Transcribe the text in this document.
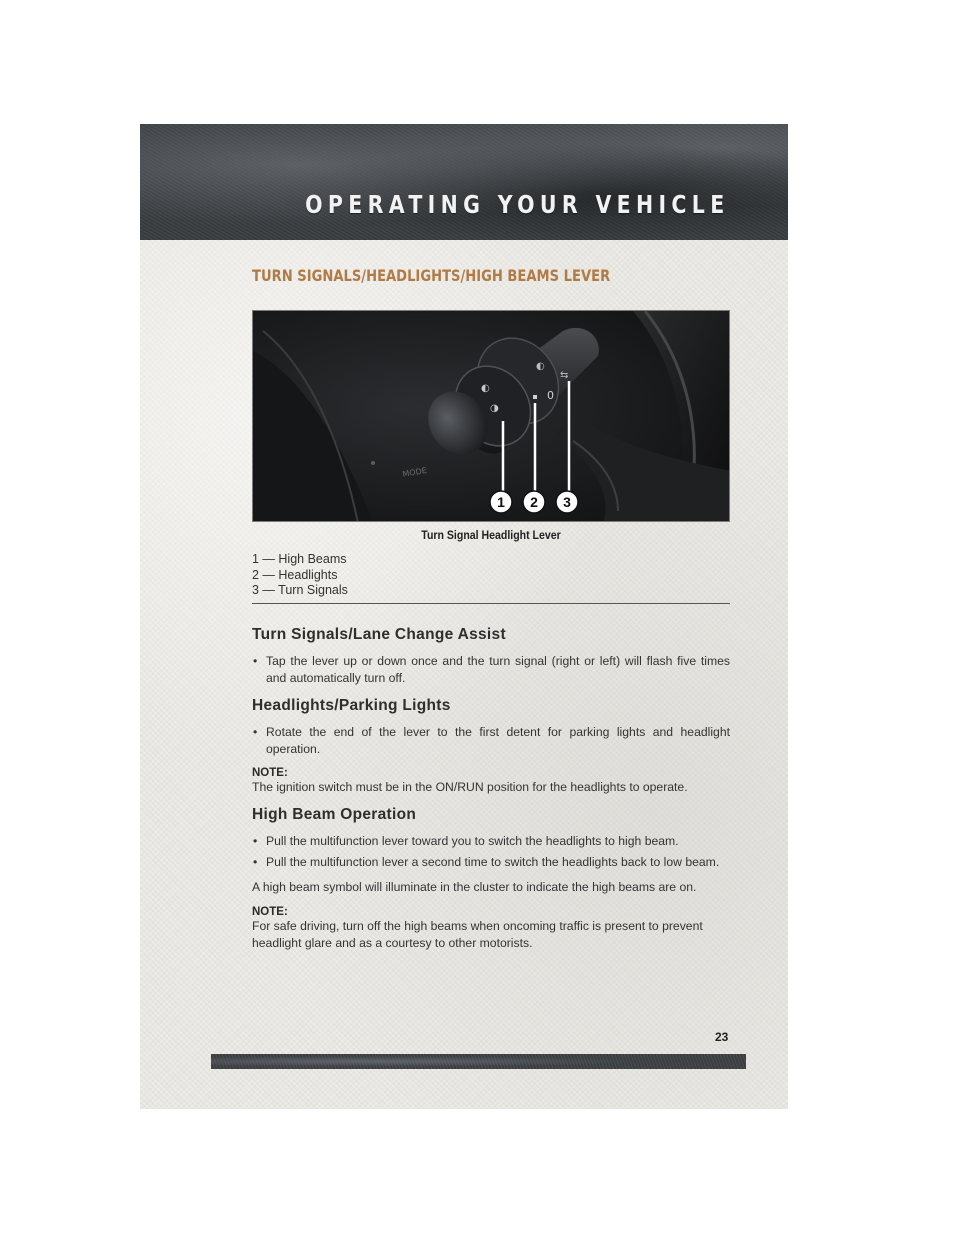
OPERATING YOUR VEHICLE
TURN SIGNALS/HEADLIGHTS/HIGH BEAMS LEVER
◐
◑
◐
0
⇆
MODE
1 2 3

Turn Signal Headlight Lever

1 — High Beams
2 — Headlights
3 — Turn Signals
Turn Signals/Lane Change Assist

• Tap the lever up or down once and the turn signal (right or left) will flash five times and automatically turn off.

Headlights/Parking Lights

• Rotate the end of the lever to the first detent for parking lights and headlight operation.

NOTE:

The ignition switch must be in the ON/RUN position for the headlights to operate.

High Beam Operation

• Pull the multifunction lever toward you to switch the headlights to high beam.

• Pull the multifunction lever a second time to switch the headlights back to low beam.

A high beam symbol will illuminate in the cluster to indicate the high beams are on.

NOTE:

For safe driving, turn off the high beams when oncoming traffic is present to prevent headlight glare and as a courtesy to other motorists.

23
